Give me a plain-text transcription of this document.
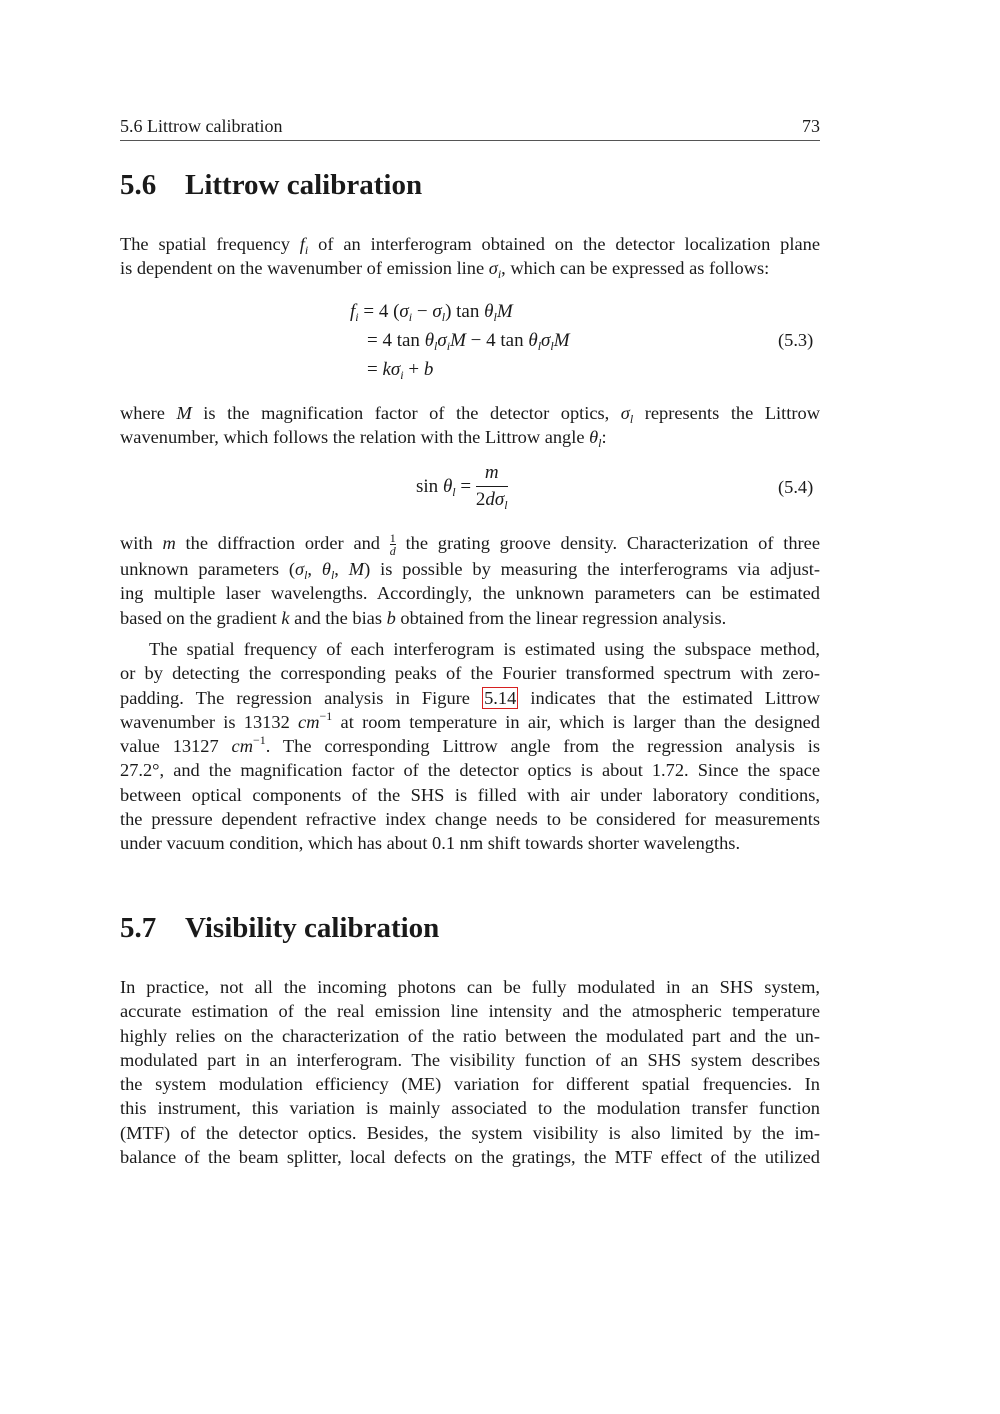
5.6 Littrow calibration	73
5.6 Littrow calibration

The spatial frequency $f_i$ of an interferogram obtained on the detector localization plane
is dependent on the wavenumber of emission line $\sigma_i$, which can be expressed as follows:

$f_i = 4$ $(\sigma_i - \sigma_l)$ $\tan \theta_lM$
= 4 $\tan \theta_l\sigma_iM - 4$ $\tan \theta_l\sigma_lM$
= $k\sigma_i + b$
(5.3)

where M is the magnification factor of the detector optics, $\sigma_l$ represents the Littrow
wavenumber, which follows the relation with the Littrow angle $\theta_l$:

$\sin \theta_l = \frac{m}{2d\sigma_l}$	(5.4)

with m the diffraction order and $\frac{1}{d}$ the grating groove density. Characterization of three
unknown parameters ($\sigma_l$, $\theta_l$, M) is possible by measuring the interferograms via adjust-
ing multiple laser wavelengths. Accordingly, the unknown parameters can be estimated
based on the gradient k and the bias b obtained from the linear regression analysis.

The spatial frequency of each interferogram is estimated using the subspace method,
or by detecting the corresponding peaks of the Fourier transformed spectrum with zero-
padding. The regression analysis in Figure 5.14 indicates that the estimated Littrow
wavenumber is 13132 $cm^{-1}$ at room temperature in air, which is larger than the designed
value 13127 $cm^{-1}$. The corresponding Littrow angle from the regression analysis is
27.2°, and the magnification factor of the detector optics is about 1.72. Since the space
between optical components of the SHS is filled with air under laboratory conditions,
the pressure dependent refractive index change needs to be considered for measurements
under vacuum condition, which has about 0.1 nm shift towards shorter wavelengths.

5.7 Visibility calibration

In practice, not all the incoming photons can be fully modulated in an SHS system,
accurate estimation of the real emission line intensity and the atmospheric temperature
highly relies on the characterization of the ratio between the modulated part and the un-
modulated part in an interferogram. The visibility function of an SHS system describes
the system modulation efficiency (ME) variation for different spatial frequencies. In
this instrument, this variation is mainly associated to the modulation transfer function
(MTF) of the detector optics. Besides, the system visibility is also limited by the im-
balance of the beam splitter, local defects on the gratings, the MTF effect of the utilized
